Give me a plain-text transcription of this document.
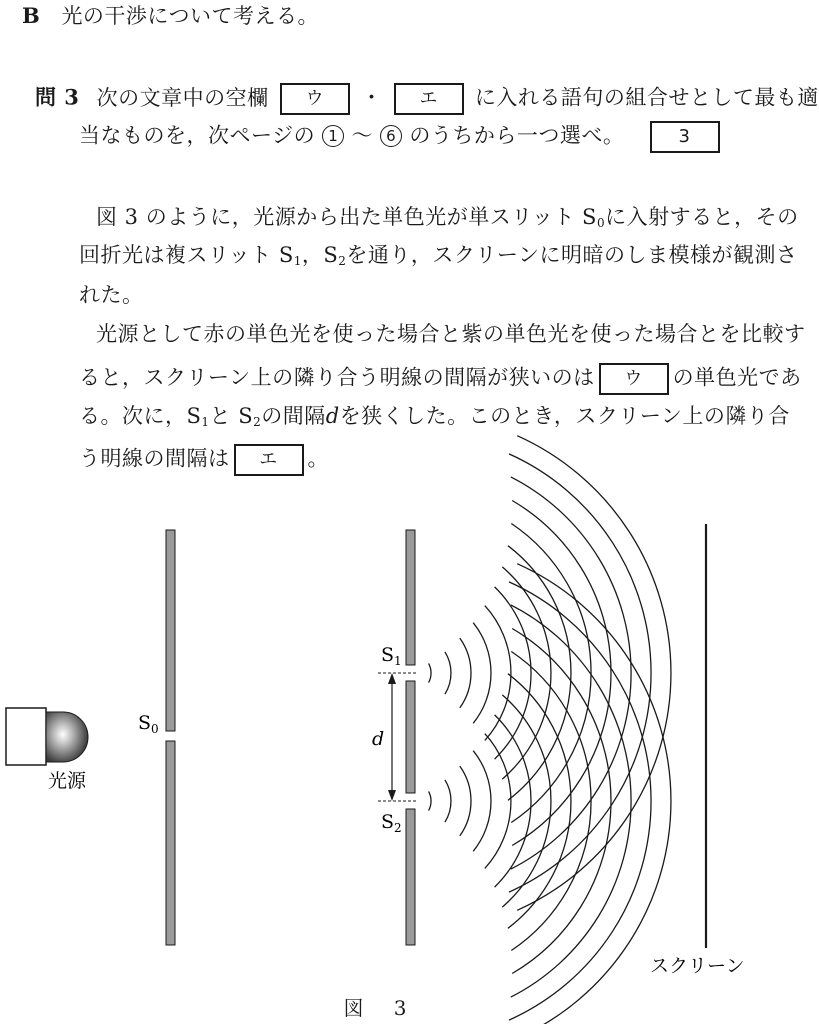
B 光の干渉について考える。
問 3 次の文章中の空欄 ウ ・ エ に入れる語句の組合せとして最も適
当なものを，次ページの 1 ～ 6 のうちから一つ選べ。	3
図 3 のように，光源から出た単色光が単スリット $S_0$に入射すると，その
回折光は複スリット $S_1$，$S_2$を通り，スクリーンに明暗のしま模様が観測さ
れた。
光源として赤の単色光を使った場合と紫の単色光を使った場合とを比較す
ると，スクリーン上の隣り合う明線の間隔が狭いのは ウ の単色光であ
る。次に，$S_1$と $S_2$の間隔dを狭くした。このとき，スクリーン上の隣り合
う明線の間隔は エ 。
光源
$S_0$
$S_1$
$S_2$
d
スクリーン
図 3
